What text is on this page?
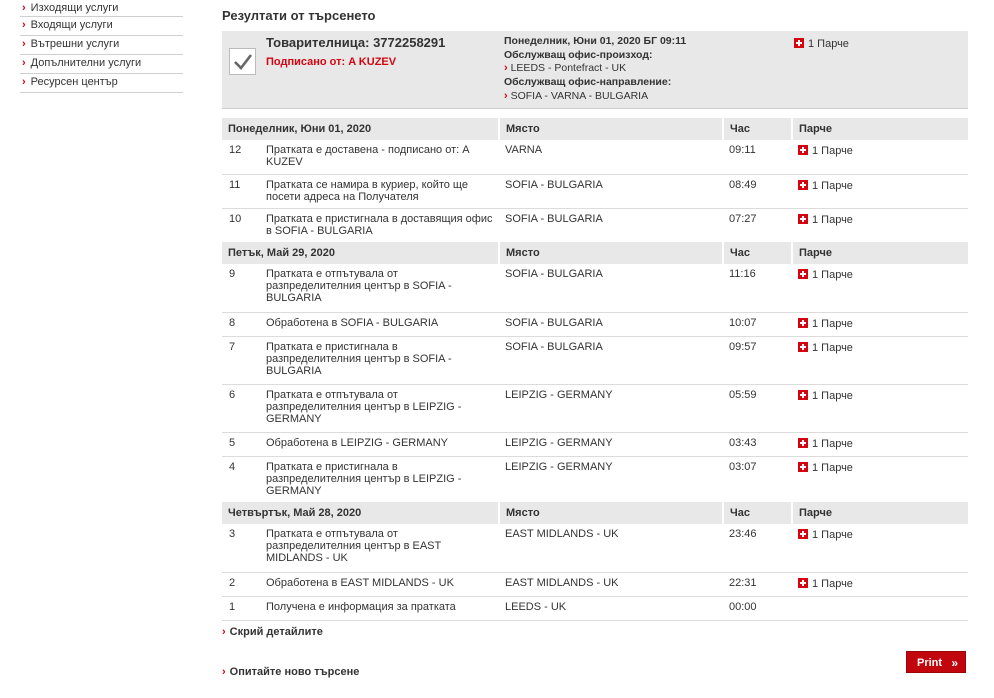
› Изходящи услуги
› Входящи услуги
› Вътрешни услуги
› Допълнителни услуги
› Ресурсен център
Резултати от търсенето
Товарителница: 3772258291
Подписано от: A KUZEV
Понеделник, Юни 01, 2020 БГ 09:11
Обслужващ офис-произход:
› LEEDS - Pontefract - UK
Обслужващ офис-направление:
› SOFIA - VARNA - BULGARIA
1 Парче
Понеделник, Юни 01, 2020		Място	Час	Парче
12	Пратката е доставена - подписано от: A KUZEV	VARNA	09:11	1 Парче
11	Пратката се намира в куриер, който ще посети адреса на Получателя	SOFIA - BULGARIA	08:49	1 Парче
10	Пратката е пристигнала в доставящия офис в SOFIA - BULGARIA	SOFIA - BULGARIA	07:27	1 Парче
Петък, Май 29, 2020		Място	Час	Парче
9	Пратката е отпътувала от разпределителния център в SOFIA - BULGARIA	SOFIA - BULGARIA	11:16	1 Парче
8	Обработена в SOFIA - BULGARIA	SOFIA - BULGARIA	10:07	1 Парче
7	Пратката е пристигнала в разпределителния център в SOFIA - BULGARIA	SOFIA - BULGARIA	09:57	1 Парче
6	Пратката е отпътувала от разпределителния център в LEIPZIG - GERMANY	LEIPZIG - GERMANY	05:59	1 Парче
5	Обработена в LEIPZIG - GERMANY	LEIPZIG - GERMANY	03:43	1 Парче
4	Пратката е пристигнала в разпределителния център в LEIPZIG - GERMANY	LEIPZIG - GERMANY	03:07	1 Парче
Четвъртък, Май 28, 2020		Място	Час	Парче
3	Пратката е отпътувала от разпределителния център в EAST MIDLANDS - UK	EAST MIDLANDS - UK	23:46	1 Парче
2	Обработена в EAST MIDLANDS - UK	EAST MIDLANDS - UK	22:31	1 Парче
1	Получена е информация за пратката	LEEDS - UK	00:00	
› Скрий детайлите
› Опитайте ново търсене
Print »
